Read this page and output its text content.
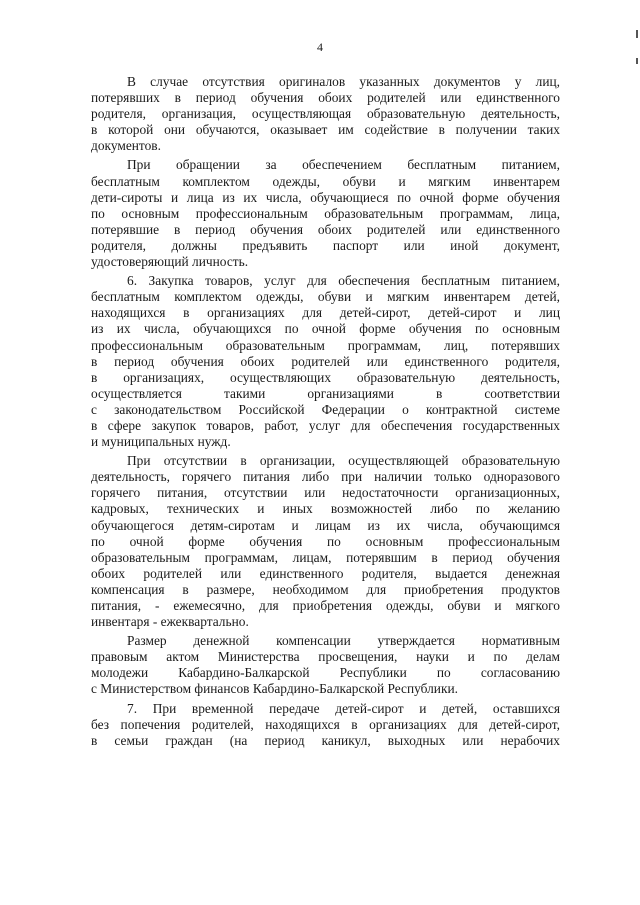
4
В случае отсутствия оригиналов указанных документов у лиц,
потерявших в период обучения обоих родителей или единственного
родителя, организация, осуществляющая образовательную деятельность,
в которой они обучаются, оказывает им содействие в получении таких
документов.
При обращении за обеспечением бесплатным питанием,
бесплатным комплектом одежды, обуви и мягким инвентарем
дети-сироты и лица из их числа, обучающиеся по очной форме обучения
по основным профессиональным образовательным программам, лица,
потерявшие в период обучения обоих родителей или единственного
родителя, должны предъявить паспорт или иной документ,
удостоверяющий личность.
6. Закупка товаров, услуг для обеспечения бесплатным питанием,
бесплатным комплектом одежды, обуви и мягким инвентарем детей,
находящихся в организациях для детей-сирот, детей-сирот и лиц
из их числа, обучающихся по очной форме обучения по основным
профессиональным образовательным программам, лиц, потерявших
в период обучения обоих родителей или единственного родителя,
в организациях, осуществляющих образовательную деятельность,
осуществляется такими организациями в соответствии
с законодательством Российской Федерации о контрактной системе
в сфере закупок товаров, работ, услуг для обеспечения государственных
и муниципальных нужд.
При отсутствии в организации, осуществляющей образовательную
деятельность, горячего питания либо при наличии только одноразового
горячего питания, отсутствии или недостаточности организационных,
кадровых, технических и иных возможностей либо по желанию
обучающегося детям-сиротам и лицам из их числа, обучающимся
по очной форме обучения по основным профессиональным
образовательным программам, лицам, потерявшим в период обучения
обоих родителей или единственного родителя, выдается денежная
компенсация в размере, необходимом для приобретения продуктов
питания, - ежемесячно, для приобретения одежды, обуви и мягкого
инвентаря - ежеквартально.
Размер денежной компенсации утверждается нормативным
правовым актом Министерства просвещения, науки и по делам
молодежи Кабардино-Балкарской Республики по согласованию
с Министерством финансов Кабардино-Балкарской Республики.
7. При временной передаче детей-сирот и детей, оставшихся
без попечения родителей, находящихся в организациях для детей-сирот,
в семьи граждан (на период каникул, выходных или нерабочих
